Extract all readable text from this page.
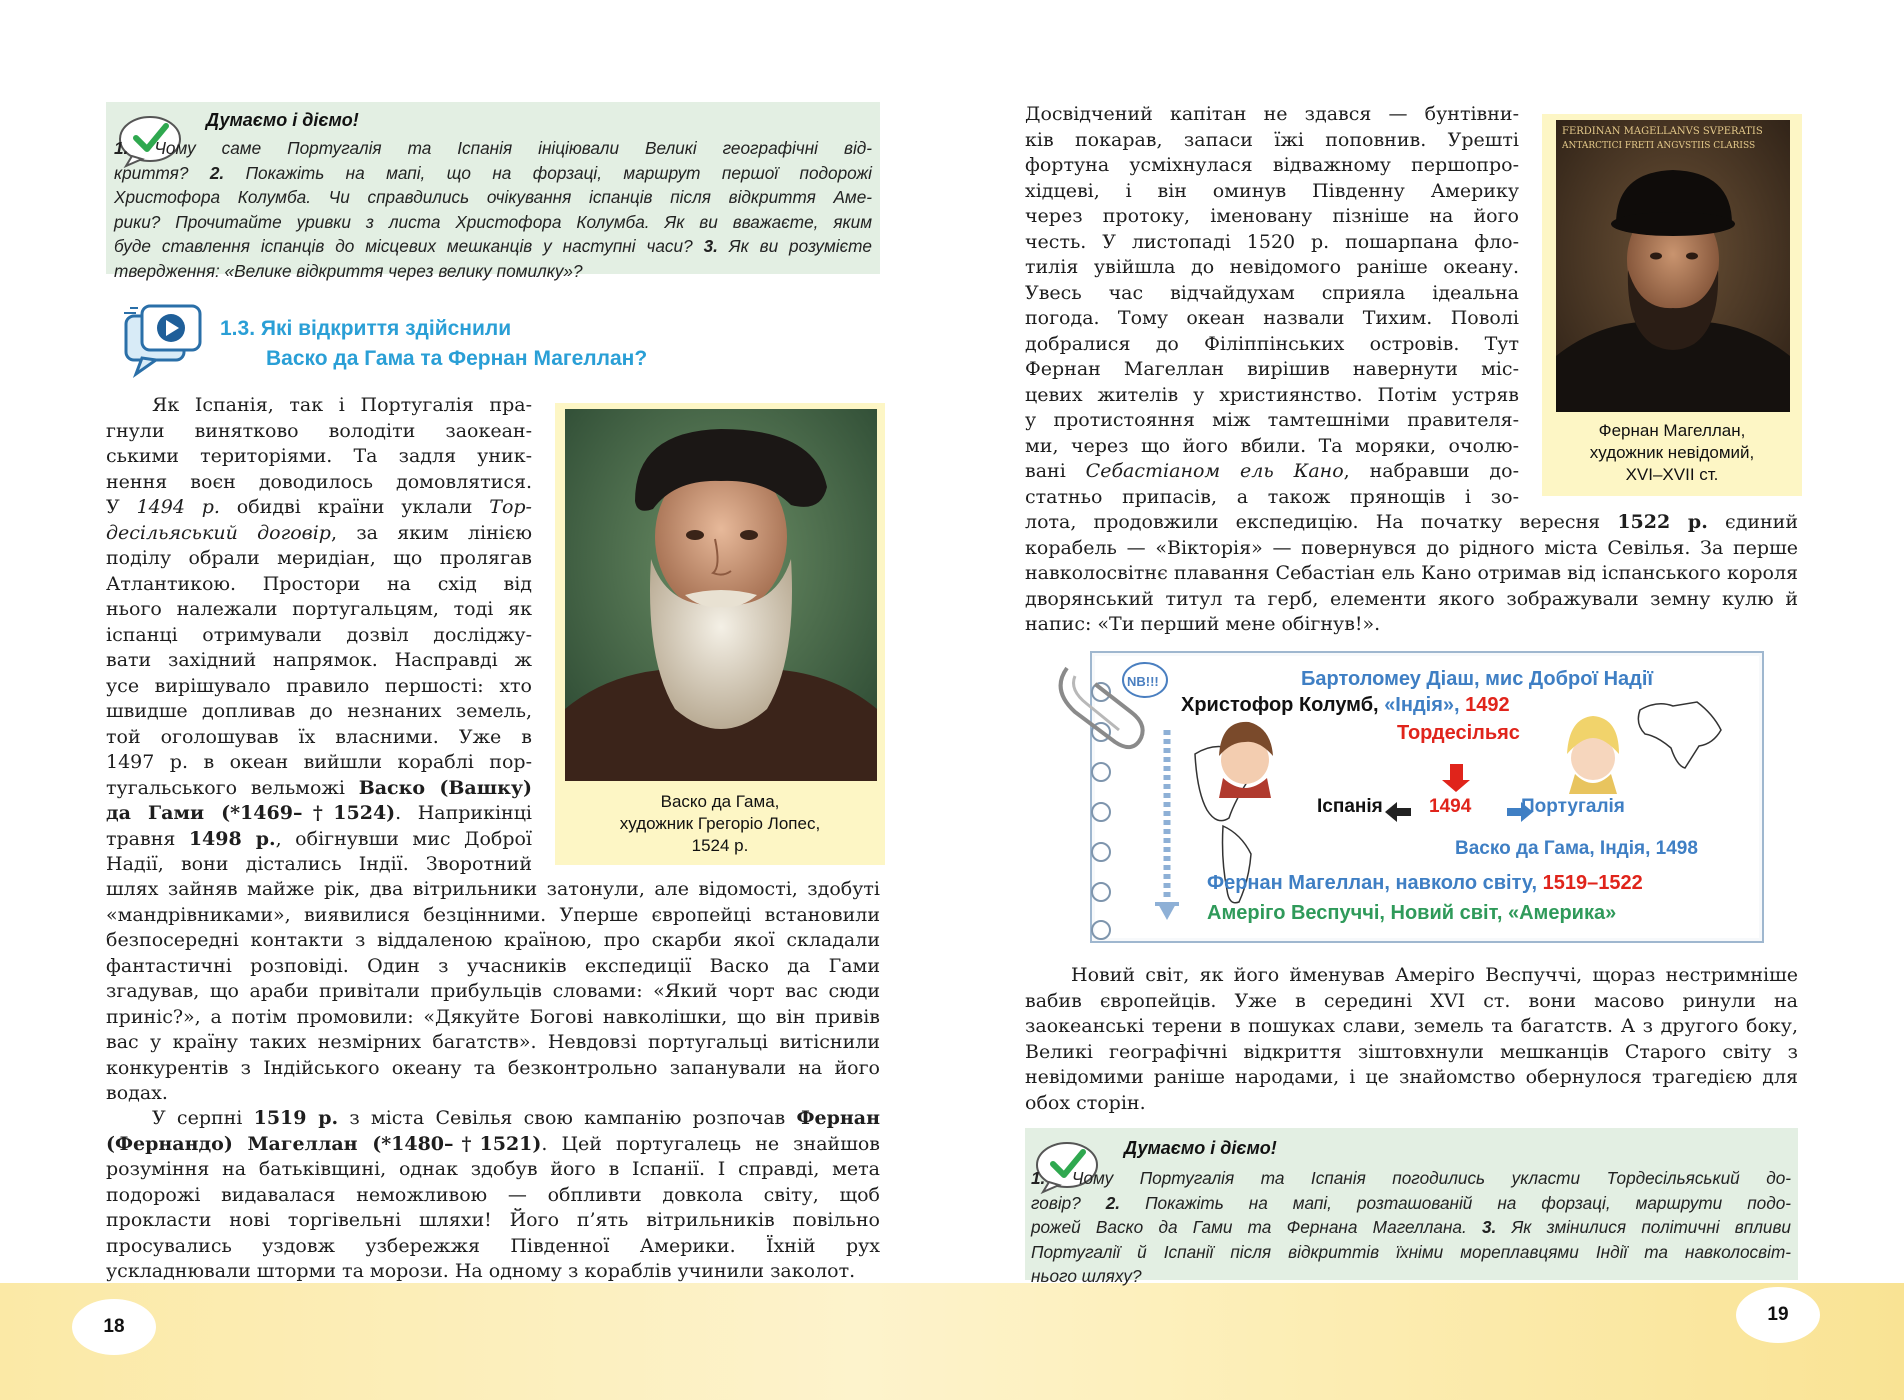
Думаємо і діємо!
1. Чому саме Португалія та Іспанія ініціювали Великі географічні від-
криття? 2. Покажіть на мапі, що на форзаці, маршрут першої подорожі
Христофора Колумба. Чи справдились очікування іспанців після відкриття Аме-
рики? Прочитайте уривки з листа Христофора Колумба. Як ви вважаєте, яким
буде ставлення іспанців до місцевих мешканців у наступні часи? 3. Як ви розумієте
твердження: «Велике відкриття через велику помилку»?
1.3. Які відкриття здійснили
Васко да Гама та Фернан Магеллан?
Васко да Гама,
художник Грегоріо Лопес,
1524 р.
Як Іспанія, так і Португалія пра-
гнули винятково володіти заокеан-
ськими територіями. Та задля уник-
нення воєн доводилось домовлятися.
У 1494 р. обидві країни уклали Тор-
десільяський договір, за яким лінією
поділу обрали меридіан, що пролягав
Атлантикою. Простори на схід від
нього належали португальцям, тоді як
іспанці отримували дозвіл досліджу-
вати західний напрямок. Насправді ж
усе вирішувало правило першості: хто
швидше допливав до незнаних земель,
той оголошував їх власними. Уже в
1497 р. в океан вийшли кораблі пор-
тугальського вельможі Васко (Вашку)
да Гами (*1469–†1524). Наприкінці
травня 1498 р., обігнувши мис Доброї
Надії, вони дістались Індії. Зворотний

шлях зайняв майже рік, два вітрильники затонули, але відомості, здобуті «мандрівниками», виявилися безцінними. Уперше європейці встановили безпосередні контакти з віддаленою країною, про скарби якої складали фантастичні розповіді. Один з учасників експедиції Васко да Гами згадував, що араби привітали прибульців словами: «Який чорт вас сюди приніс?», а потім промовили: «Дякуйте Богові навколішки, що він привів вас у країну таких незмірних багатств». Невдовзі португальці витіснили конкурентів з Індійського океану та безконтрольно запанували на його водах.

У серпні 1519 р. з міста Севілья свою кампанію розпочав Фернан (Фернандо) Магеллан (*1480–†1521). Цей португалець не знайшов розуміння на батьківщині, однак здобув його в Іспанії. І справді, мета подорожі видавалася неможливою — обпливти довкола світу, щоб прокласти нові торгівельні шляхи! Його п’ять вітрильників повільно просувались уздовж узбережжя Південної Америки. Їхній рух ускладнювали шторми та морози. На одному з кораблів учинили заколот.

18
FERDINAN MAGELLANVS SVPERATIS
ANTARCTICI FRETI ANGVSTIIS CLARISS
Фернан Магеллан,
художник невідомий,
XVI–XVII ст.
Досвідчений капітан не здався — бунтівни-
ків покарав, запаси їжі поповнив. Урешті
фортуна усміхнулася відважному першопро-
хідцеві, і він оминув Південну Америку
через протоку, іменовану пізніше на його
честь. У листопаді 1520 р. пошарпана фло-
тилія увійшла до невідомого раніше океану.
Увесь час відчайдухам сприяла ідеальна
погода. Тому океан назвали Тихим. Поволі
добралися до Філіппінських островів. Тут
Фернан Магеллан вирішив навернути міс-
цевих жителів у християнство. Потім устряв
у протистояння між тамтешніми правителя-
ми, через що його вбили. Та моряки, очолю-
вані Себастіаном ель Кано, набравши до-
статньо припасів, а також прянощів і зо-

лота, продовжили експедицію. На початку вересня 1522 р. єдиний корабель — «Вікторія» — повернувся до рідного міста Севілья. За перше навколосвітнє плавання Себастіан ель Кано отримав від іспанського короля дворянський титул та герб, елементи якого зображували земну кулю й напис: «Ти перший мене обігнув!».

NB!!!	Бартоломеу Діаш, мис Доброї Надії
Христофор Колумб, «Індія», 1492
Тордесільяс
Іспанія 1494	Португалія
Васко да Гама, Індія, 1498
Фернан Магеллан, навколо світу, 1519–1522
Амеріго Веспуччі, Новий світ, «Америка»

Новий світ, як його йменував Амеріго Веспуччі, щораз нестримніше вабив європейців. Уже в середині XVI ст. вони масово ринули на заокеанські терени в пошуках слави, земель та багатств. А з другого боку, Великі географічні відкриття зіштовхнули мешканців Старого світу з невідомими раніше народами, і це знайомство обернулося трагедією для обох сторін.

Думаємо і діємо!
1. Чому Португалія та Іспанія погодились укласти Тордесільяський до-
говір? 2. Покажіть на мапі, розташованій на форзаці, маршрути подо-
рожей Васко да Гами та Фернана Магеллана. 3. Як змінилися політичні впливи
Португалії й Іспанії після відкриттів їхніми мореплавцями Індії та навколосвіт-
нього шляху?
19
